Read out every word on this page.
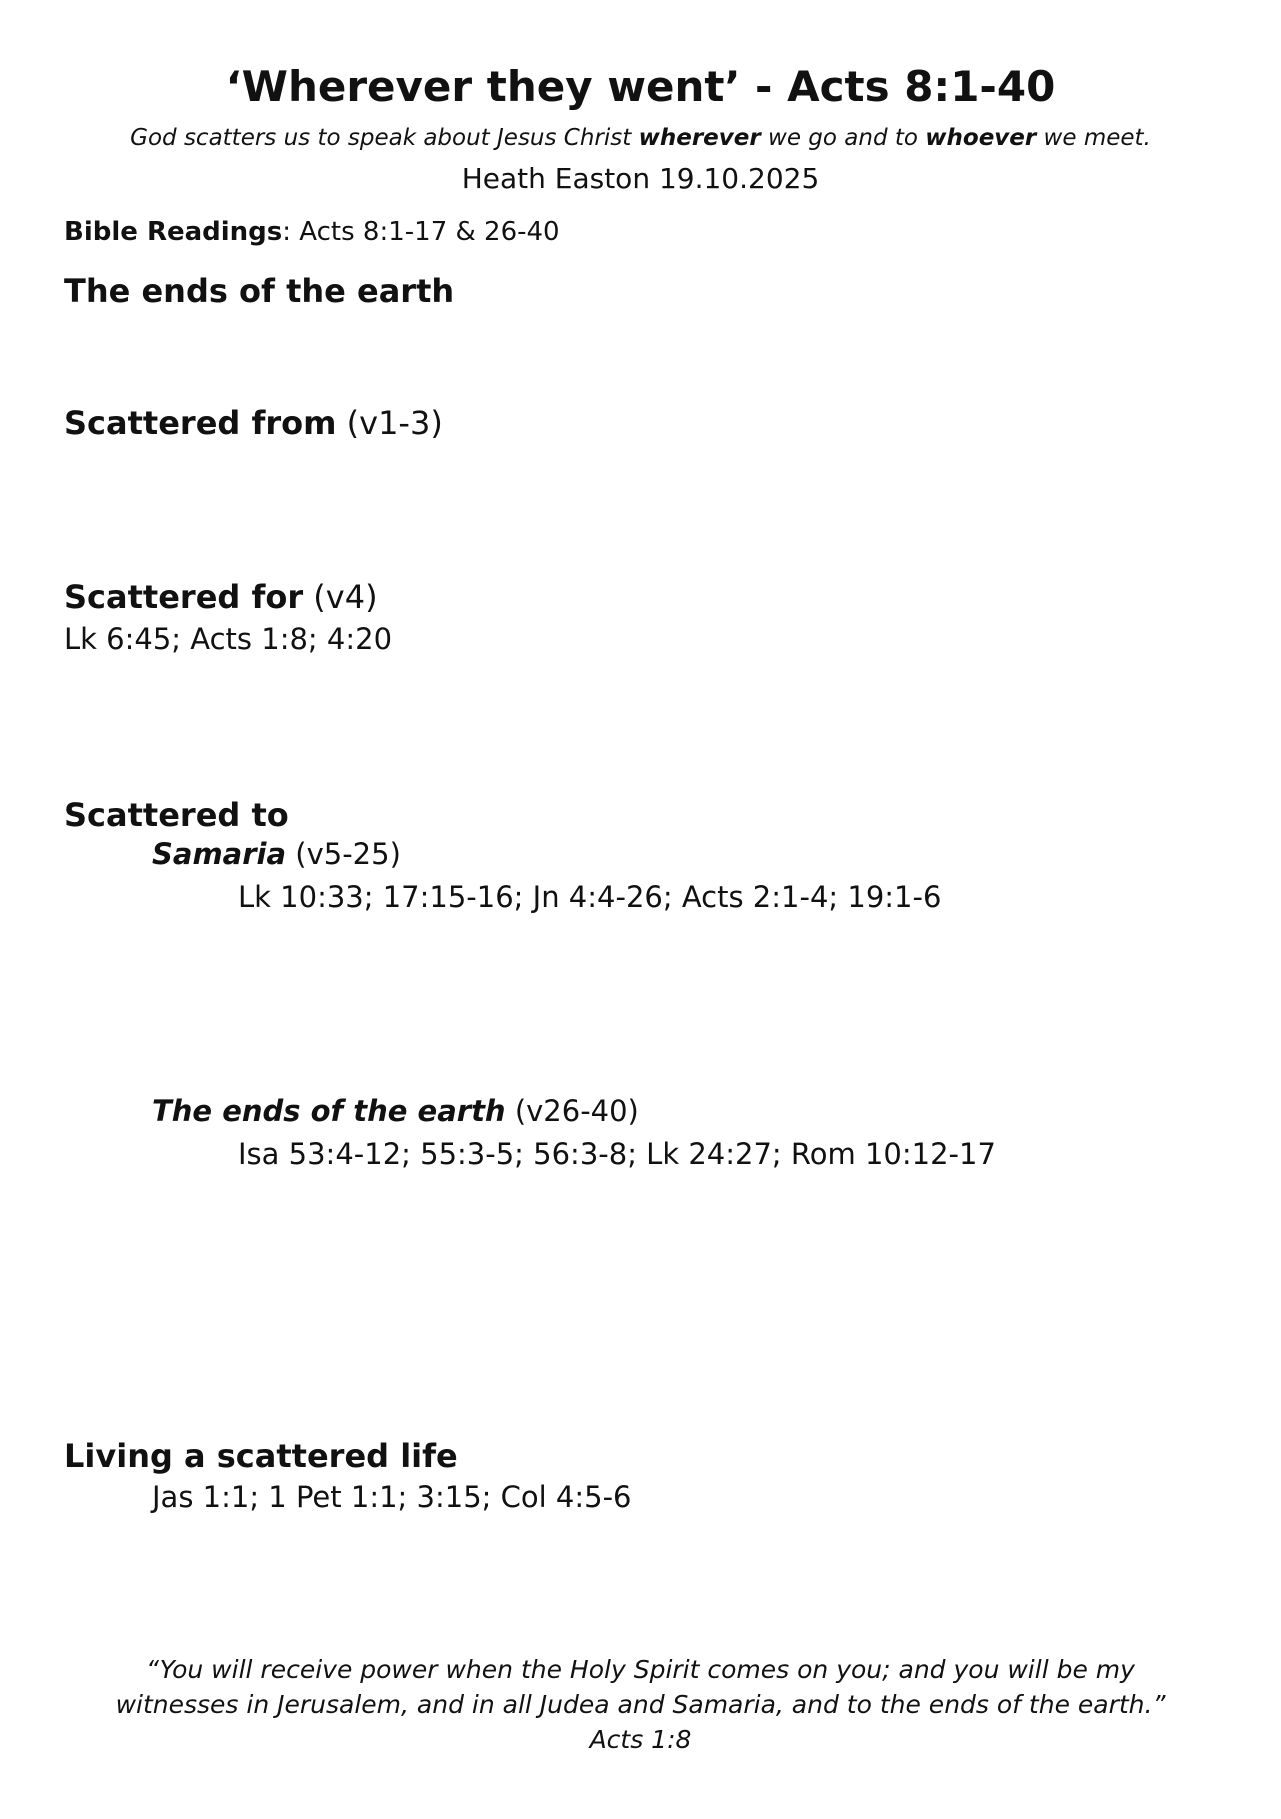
‘Wherever they went’ - Acts 8:1-40
God scatters us to speak about Jesus Christ wherever we go and to whoever we meet.
Heath Easton 19.10.2025
Bible Readings: Acts 8:1-17 & 26-40
The ends of the earth
Scattered from (v1-3)
Scattered for (v4)
Lk 6:45; Acts 1:8; 4:20
Scattered to
Samaria (v5-25)
Lk 10:33; 17:15-16; Jn 4:4-26; Acts 2:1-4; 19:1-6
The ends of the earth (v26-40)
Isa 53:4-12; 55:3-5; 56:3-8; Lk 24:27; Rom 10:12-17
Living a scattered life
Jas 1:1; 1 Pet 1:1; 3:15; Col 4:5-6
“You will receive power when the Holy Spirit comes on you; and you will be my
witnesses in Jerusalem, and in all Judea and Samaria, and to the ends of the earth.”
Acts 1:8
